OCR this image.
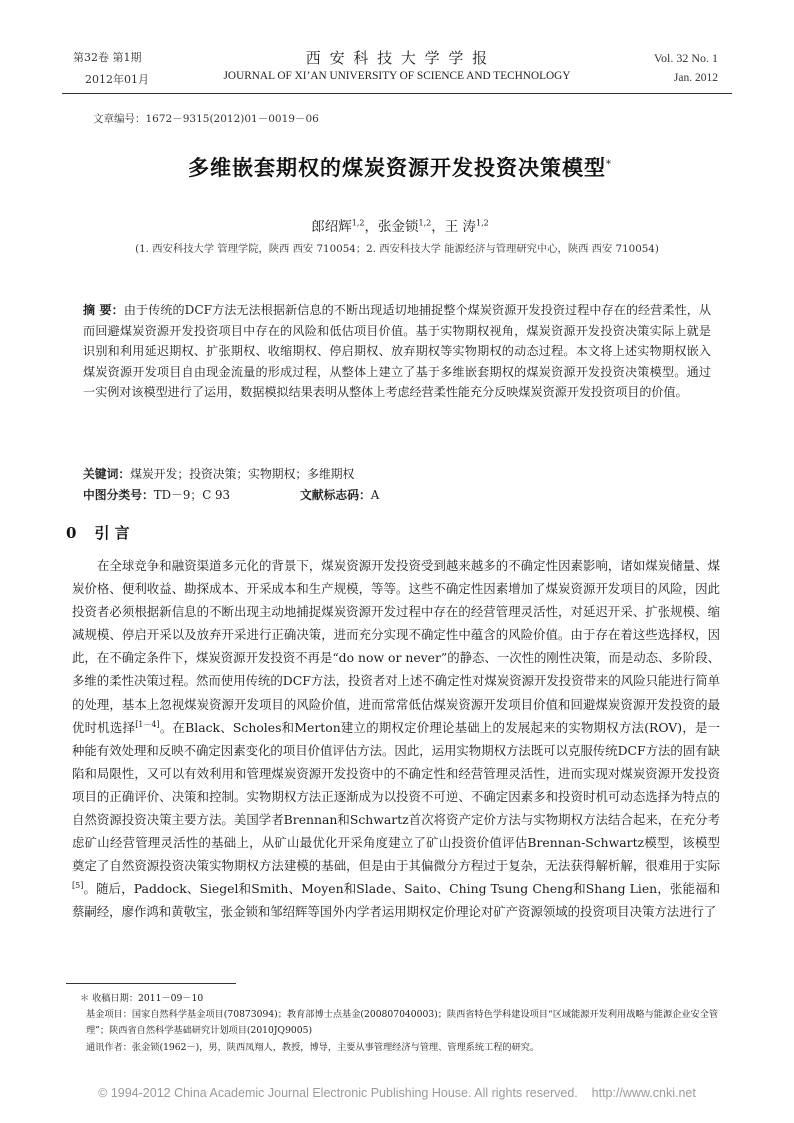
第32卷 第1期
2012年01月
西 安 科 技 大 学 学 报
JOURNAL OF XI’AN UNIVERSITY OF SCIENCE AND TECHNOLOGY
Vol. 32 No. 1
Jan. 2012
文章编号：1672－9315(2012)01－0019－06
多维嵌套期权的煤炭资源开发投资决策模型*
郎绍辉$^{1,2}$，张金锁$^{1,2}$，王 涛$^{1,2}$
(1. 西安科技大学 管理学院，陕西 西安 710054；2. 西安科技大学 能源经济与管理研究中心，陕西 西安 710054)
摘 要：由于传统的DCF方法无法根据新信息的不断出现适切地捕捉整个煤炭资源开发投资过程中存在的经营柔性，从而回避煤炭资源开发投资项目中存在的风险和低估项目价值。基于实物期权视角，煤炭资源开发投资决策实际上就是识别和利用延迟期权、扩张期权、收缩期权、停启期权、放弃期权等实物期权的动态过程。本文将上述实物期权嵌入煤炭资源开发项目自由现金流量的形成过程，从整体上建立了基于多维嵌套期权的煤炭资源开发投资决策模型。通过一实例对该模型进行了运用，数据模拟结果表明从整体上考虑经营柔性能充分反映煤炭资源开发投资项目的价值。
关键词：煤炭开发；投资决策；实物期权；多维期权
中图分类号：TD－9；C 93	文献标志码：A
0 引 言

在全球竞争和融资渠道多元化的背景下，煤炭资源开发投资受到越来越多的不确定性因素影响，诸如煤炭储量、煤炭价格、便利收益、勘探成本、开采成本和生产规模，等等。这些不确定性因素增加了煤炭资源开发项目的风险，因此投资者必须根据新信息的不断出现主动地捕捉煤炭资源开发过程中存在的经营管理灵活性，对延迟开采、扩张规模、缩减规模、停启开采以及放弃开采进行正确决策，进而充分实现不确定性中蕴含的风险价值。由于存在着这些选择权，因此，在不确定条件下，煤炭资源开发投资不再是“do now or never”的静态、一次性的刚性决策，而是动态、多阶段、多维的柔性决策过程。然而使用传统的DCF方法，投资者对上述不确定性对煤炭资源开发投资带来的风险只能进行简单的处理，基本上忽视煤炭资源开发项目的风险价值，进而常常低估煤炭资源开发项目价值和回避煤炭资源开发投资的最优时机选择[1－4]。在Black、Scholes和Merton建立的期权定价理论基础上的发展起来的实物期权方法(ROV)，是一种能有效处理和反映不确定因素变化的项目价值评估方法。因此，运用实物期权方法既可以克服传统DCF方法的固有缺陷和局限性，又可以有效利用和管理煤炭资源开发投资中的不确定性和经营管理灵活性，进而实现对煤炭资源开发投资项目的正确评价、决策和控制。实物期权方法正逐渐成为以投资不可逆、不确定因素多和投资时机可动态选择为特点的自然资源投资决策主要方法。美国学者Brennan和Schwartz首次将资产定价方法与实物期权方法结合起来，在充分考虑矿山经营管理灵活性的基础上，从矿山最优化开采角度建立了矿山投资价值评估Brennan-Schwartz模型，该模型奠定了自然资源投资决策实物期权方法建模的基础，但是由于其偏微分方程过于复杂，无法获得解析解，很难用于实际[5]。随后，Paddock、Siegel和Smith、Moyen和Slade、Saito、Ching Tsung Cheng和Shang Lien，张能福和蔡嗣经，廖作鸿和黄敬宝，张金锁和邹绍辉等国外内学者运用期权定价理论对矿产资源领域的投资项目决策方法进行了

＊ 收稿日期：2011－09－10
基金项目：国家自然科学基金项目(70873094)；教育部博士点基金(200807040003)；陕西省特色学科建设项目“区域能源开发利用战略与能源企业安全管理”；陕西省自然科学基础研究计划项目(2010JQ9005)
通讯作者：张金锁(1962－)，男，陕西凤翔人，教授，博导，主要从事管理经济与管理、管理系统工程的研究。
© 1994-2012 China Academic Journal Electronic Publishing House. All rights reserved.    http://www.cnki.net
